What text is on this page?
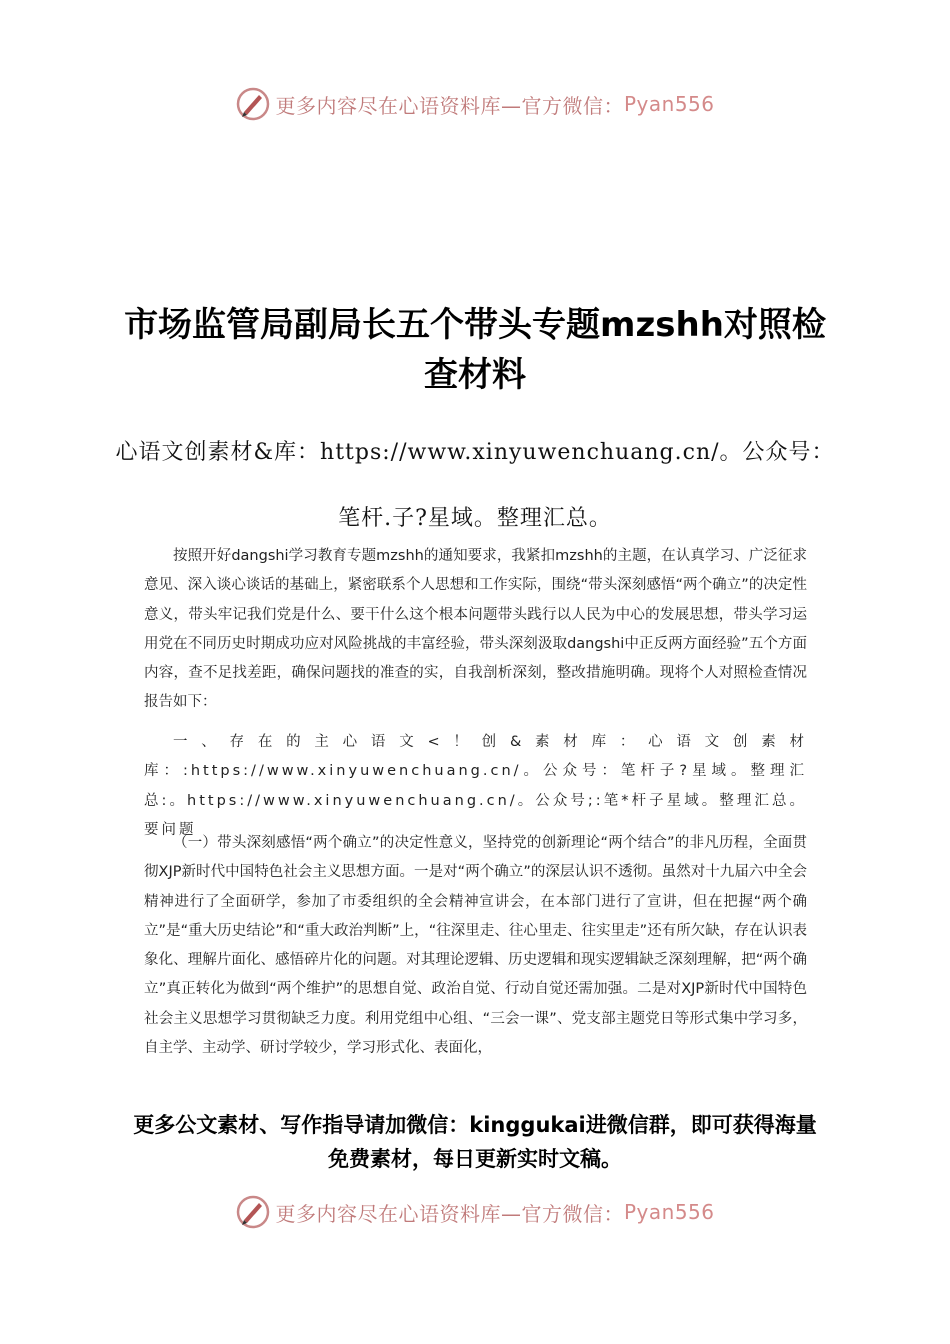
更多内容尽在心语资料库—官方微信： Pyan556
市场监管局副局长五个带头专题mzshh对照检查材料
心语文创素材&库：https://www.xinyuwenchuang.cn/。公众号：笔杆.子?星域。整理汇总。
按照开好dangshi学习教育专题mzshh的通知要求，我紧扣mzshh的主题，在认真学习、广泛征求意见、深入谈心谈话的基础上，紧密联系个人思想和工作实际，围绕“带头深刻感悟“两个确立”的决定性意义，带头牢记我们党是什么、要干什么这个根本问题带头践行以人民为中心的发展思想，带头学习运用党在不同历史时期成功应对风险挑战的丰富经验，带头深刻汲取dangshi中正反两方面经验”五个方面内容，查不足找差距，确保问题找的准查的实，自我剖析深刻，整改措施明确。现将个人对照检查情况报告如下：
一、存在的主心语文<！创&素材库：心语文创素材库：:https://www.xinyuwenchuang.cn/。公众号：笔杆子?星域。整理汇总:。https://www.xinyuwenchuang.cn/。公众号;:笔*杆子星域。整理汇总。要问题
（一）带头深刻感悟“两个确立”的决定性意义，坚持党的创新理论“两个结合”的非凡历程，全面贯彻XJP新时代中国特色社会主义思想方面。一是对“两个确立”的深层认识不透彻。虽然对十九届六中全会精神进行了全面研学，参加了市委组织的全会精神宣讲会，在本部门进行了宣讲，但在把握“两个确立”是“重大历史结论”和“重大政治判断”上，“往深里走、往心里走、往实里走”还有所欠缺，存在认识表象化、理解片面化、感悟碎片化的问题。对其理论逻辑、历史逻辑和现实逻辑缺乏深刻理解，把“两个确立”真正转化为做到“两个维护”的思想自觉、政治自觉、行动自觉还需加强。二是对XJP新时代中国特色社会主义思想学习贯彻缺乏力度。利用党组中心组、“三会一课”、党支部主题党日等形式集中学习多，自主学、主动学、研讨学较少，学习形式化、表面化，
更多公文素材、写作指导请加微信：kinggukai进微信群，即可获得海量免费素材，每日更新实时文稿。
更多内容尽在心语资料库—官方微信： Pyan556
